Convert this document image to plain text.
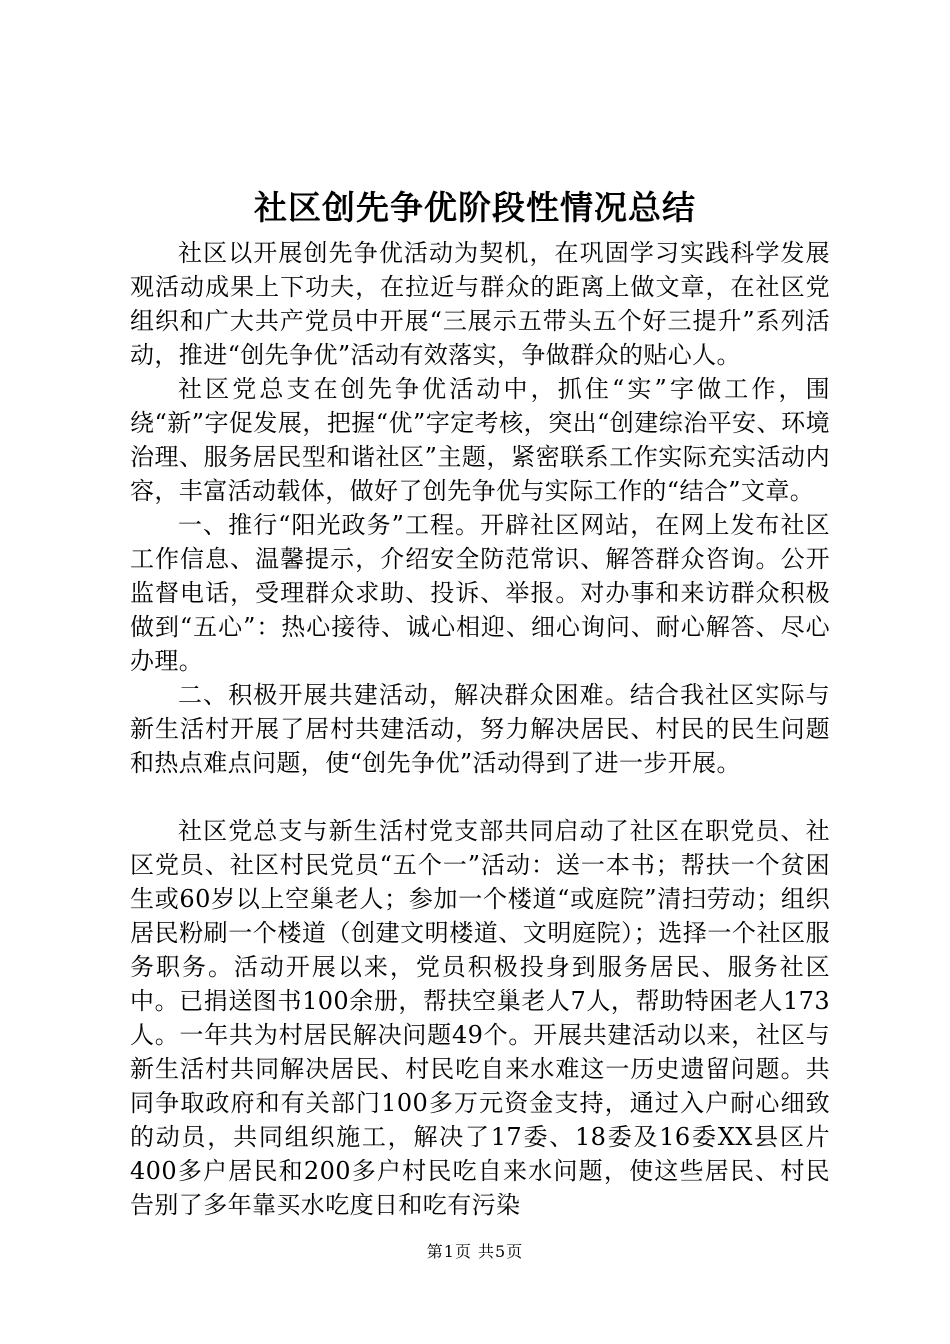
社区创先争优阶段性情况总结

社区以开展创先争优活动为契机，在巩固学习实践科学发展观活动成果上下功夫，在拉近与群众的距离上做文章，在社区党组织和广大共产党员中开展“三展示五带头五个好三提升”系列活动，推进“创先争优”活动有效落实，争做群众的贴心人。

社区党总支在创先争优活动中，抓住“实”字做工作，围绕“新”字促发展，把握“优”字定考核，突出“创建综治平安、环境治理、服务居民型和谐社区”主题，紧密联系工作实际充实活动内容，丰富活动载体，做好了创先争优与实际工作的“结合”文章。

一、推行“阳光政务”工程。开辟社区网站，在网上发布社区工作信息、温馨提示，介绍安全防范常识、解答群众咨询。公开监督电话，受理群众求助、投诉、举报。对办事和来访群众积极做到“五心”：热心接待、诚心相迎、细心询问、耐心解答、尽心办理。

二、积极开展共建活动，解决群众困难。结合我社区实际与新生活村开展了居村共建活动，努力解决居民、村民的民生问题和热点难点问题，使“创先争优”活动得到了进一步开展。

社区党总支与新生活村党支部共同启动了社区在职党员、社区党员、社区村民党员“五个一”活动：送一本书；帮扶一个贫困生或60岁以上空巢老人；参加一个楼道“或庭院”清扫劳动；组织居民粉刷一个楼道（创建文明楼道、文明庭院）；选择一个社区服务职务。活动开展以来，党员积极投身到服务居民、服务社区中。已捐送图书100余册，帮扶空巢老人7人，帮助特困老人173人。一年共为村居民解决问题49个。开展共建活动以来，社区与新生活村共同解决居民、村民吃自来水难这一历史遗留问题。共同争取政府和有关部门100多万元资金支持，通过入户耐心细致的动员，共同组织施工，解决了17委、18委及16委XX县区片400多户居民和200多户村民吃自来水问题，使这些居民、村民告别了多年靠买水吃度日和吃有污染

第1页 共5页
